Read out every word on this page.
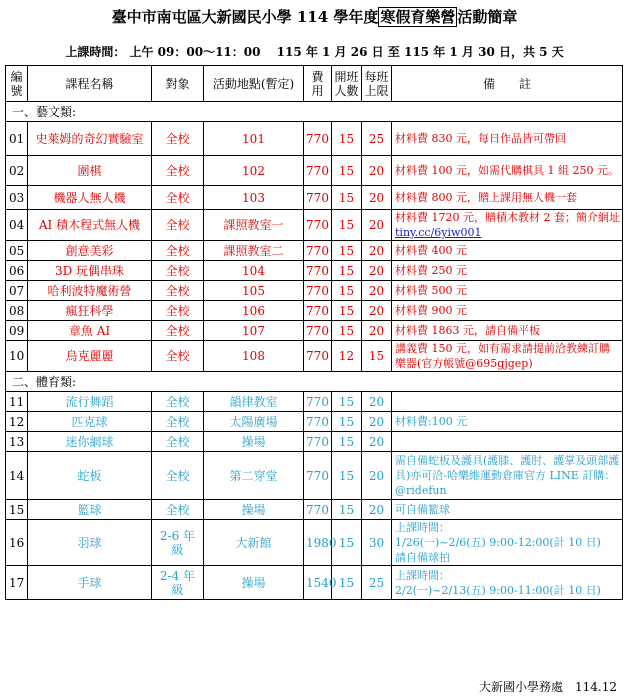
臺中市南屯區大新國民小學 114 學年度 寒假育樂營 活動簡章
上課時間： 上午 09：00～11：00　 115 年 1 月 26 日 至 115 年 1 月 30 日，共 5 天
編
號	課程名稱	對象	活動地點(暫定)	費用	開班
人數	每班
上限	備　　註
一、藝文類:							
01	史萊姆的奇幻實驗室	全校	101	770	15	25	材料費 830 元，每日作品皆可帶回
02	圍棋	全校	102	770	15	20	材料費 100 元，如需代購棋具 1 組 250 元。
03	機器人無人機	全校	103	770	15	20	材料費 800 元，贈上課用無人機一套
04	AI 積木程式無人機	全校	課照教室一	770	15	20	材料費 1720 元，贈積木教材 2 套；簡介網址 tiny.cc/6yiw001
05	創意美彩	全校	課照教室二	770	15	20	材料費 400 元
06	3D 玩偶串珠	全校	104	770	15	20	材料費 250 元
07	哈利波特魔術營	全校	105	770	15	20	材料費 500 元
08	瘋狂科學	全校	106	770	15	20	材料費 900 元
09	章魚 AI	全校	107	770	15	20	材料費 1863 元，請自備平板
10	烏克麗麗	全校	108	770	12	15	講義費 150 元，如有需求請提前洽教練訂購樂器(官方帳號@695gjgep)
二、體育類:							
11	流行舞蹈	全校	韻律教室	770	15	20	
12	匹克球	全校	太陽廣場	770	15	20	材料費:100 元
13	迷你網球	全校	操場	770	15	20	
14	蛇板	全校	第二穿堂	770	15	20	需自備蛇板及護具(護膝、護肘、護掌及頭部護具)亦可洽-哈樂維運動倉庫官方 LINE 訂購：@ridefun
15	籃球	全校	操場	770	15	20	可自備籃球
16	羽球	2-6 年級	大新館	1980	15	30	上課時間：
1/26(一)~2/6(五) 9:00-12:00(計 10 日)
請自備球拍

17	手球	2-4 年級	操場	1540	15	25	上課時間：
2/2(一)~2/13(五) 9:00-11:00(計 10 日)
大新國小學務處　114.12
